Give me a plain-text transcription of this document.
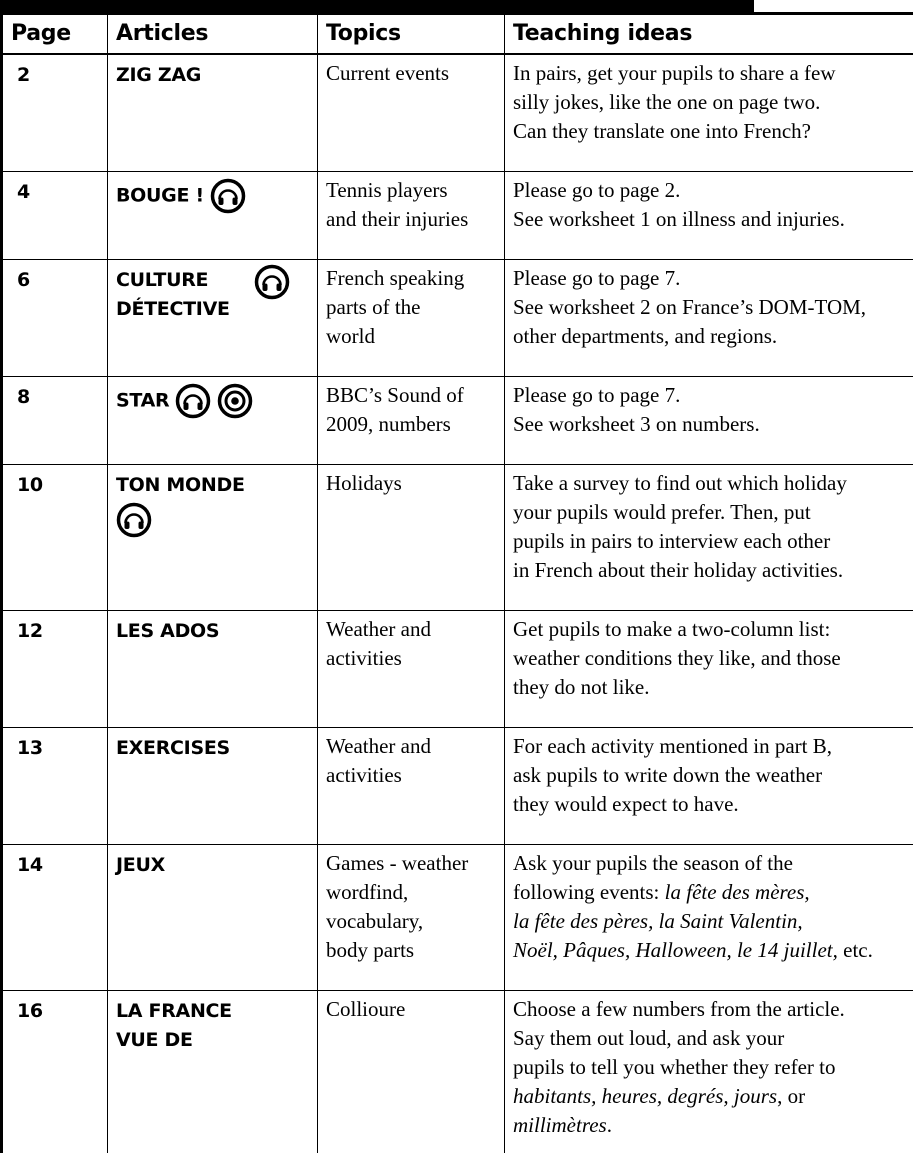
Page	Articles	Topics	Teaching ideas
2	ZIG ZAG	Current events	In pairs, get your pupils to share a few
silly jokes, like the one on page two.
Can they translate one into French?

4	BOUGE !	Tennis players
and their injuries	Please go to page 2.
See worksheet 1 on illness and injuries.

6	CULTURE
DÉTECTIVE	French speaking
parts of the
world	Please go to page 7.
See worksheet 2 on France’s DOM-TOM,
other departments, and regions.

8	STAR	BBC’s Sound of
2009, numbers	Please go to page 7.
See worksheet 3 on numbers.

10	TON MONDE	Holidays	Take a survey to find out which holiday
your pupils would prefer. Then, put
pupils in pairs to interview each other
in French about their holiday activities.

12	LES ADOS	Weather and
activities	Get pupils to make a two-column list:
weather conditions they like, and those
they do not like.

13	EXERCISES	Weather and
activities	For each activity mentioned in part B,
ask pupils to write down the weather
they would expect to have.

14	JEUX	Games - weather
wordfind,
vocabulary,
body parts	Ask your pupils the season of the
following events: la fête des mères,
la fête des pères, la Saint Valentin,
Noël, Pâques, Halloween, le 14 juillet, etc.

16	LA FRANCE
VUE DE	Collioure	Choose a few numbers from the article.
Say them out loud, and ask your
pupils to tell you whether they refer to
habitants, heures, degrés, jours, or
millimètres.
